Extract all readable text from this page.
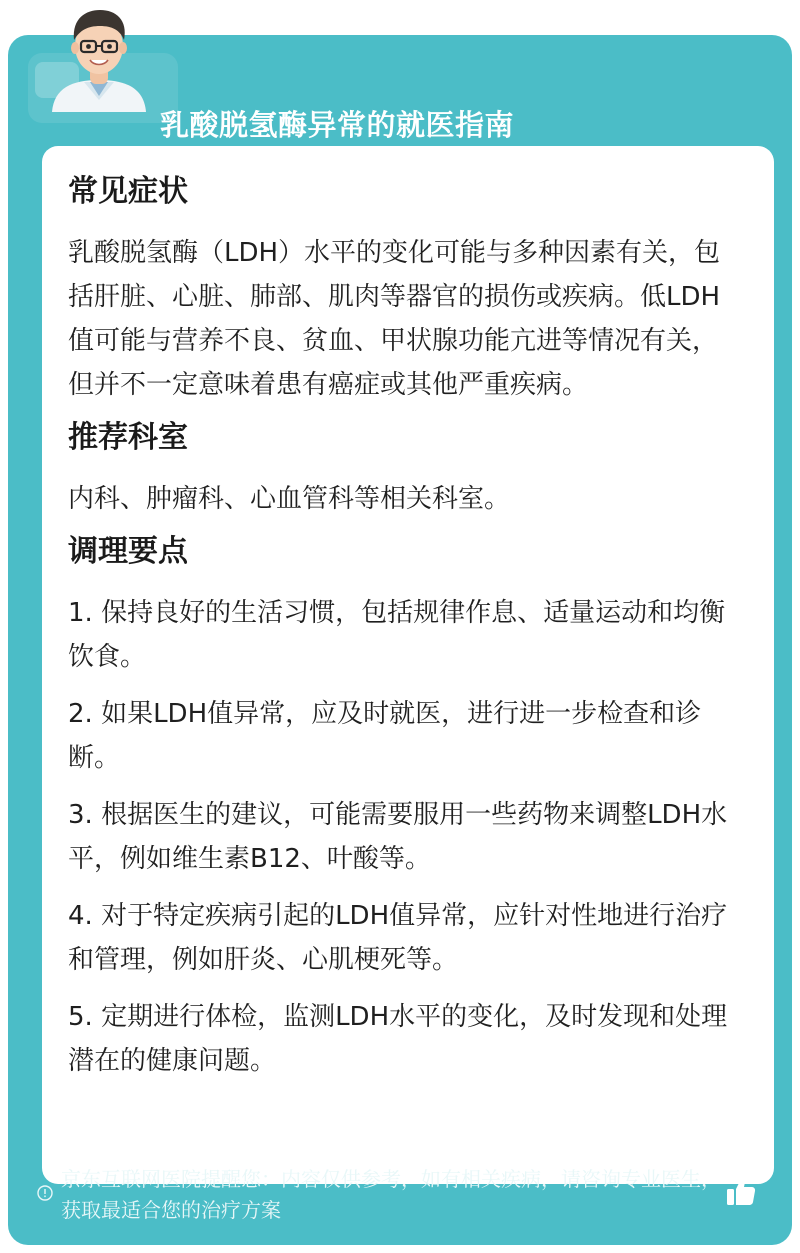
乳酸脱氢酶异常的就医指南
常见症状

乳酸脱氢酶（LDH）水平的变化可能与多种因素有关，包括肝脏、心脏、肺部、肌肉等器官的损伤或疾病。低LDH值可能与营养不良、贫血、甲状腺功能亢进等情况有关，但并不一定意味着患有癌症或其他严重疾病。

推荐科室

内科、肿瘤科、心血管科等相关科室。

调理要点

1. 保持良好的生活习惯，包括规律作息、适量运动和均衡饮食。

2. 如果LDH值异常，应及时就医，进行进一步检查和诊断。

3. 根据医生的建议，可能需要服用一些药物来调整LDH水平，例如维生素B12、叶酸等。

4. 对于特定疾病引起的LDH值异常，应针对性地进行治疗和管理，例如肝炎、心肌梗死等。

5. 定期进行体检，监测LDH水平的变化，及时发现和处理潜在的健康问题。

京东互联网医院提醒您：内容仅供参考，如有相关疾病，请咨询专业医生，获取最适合您的治疗方案
